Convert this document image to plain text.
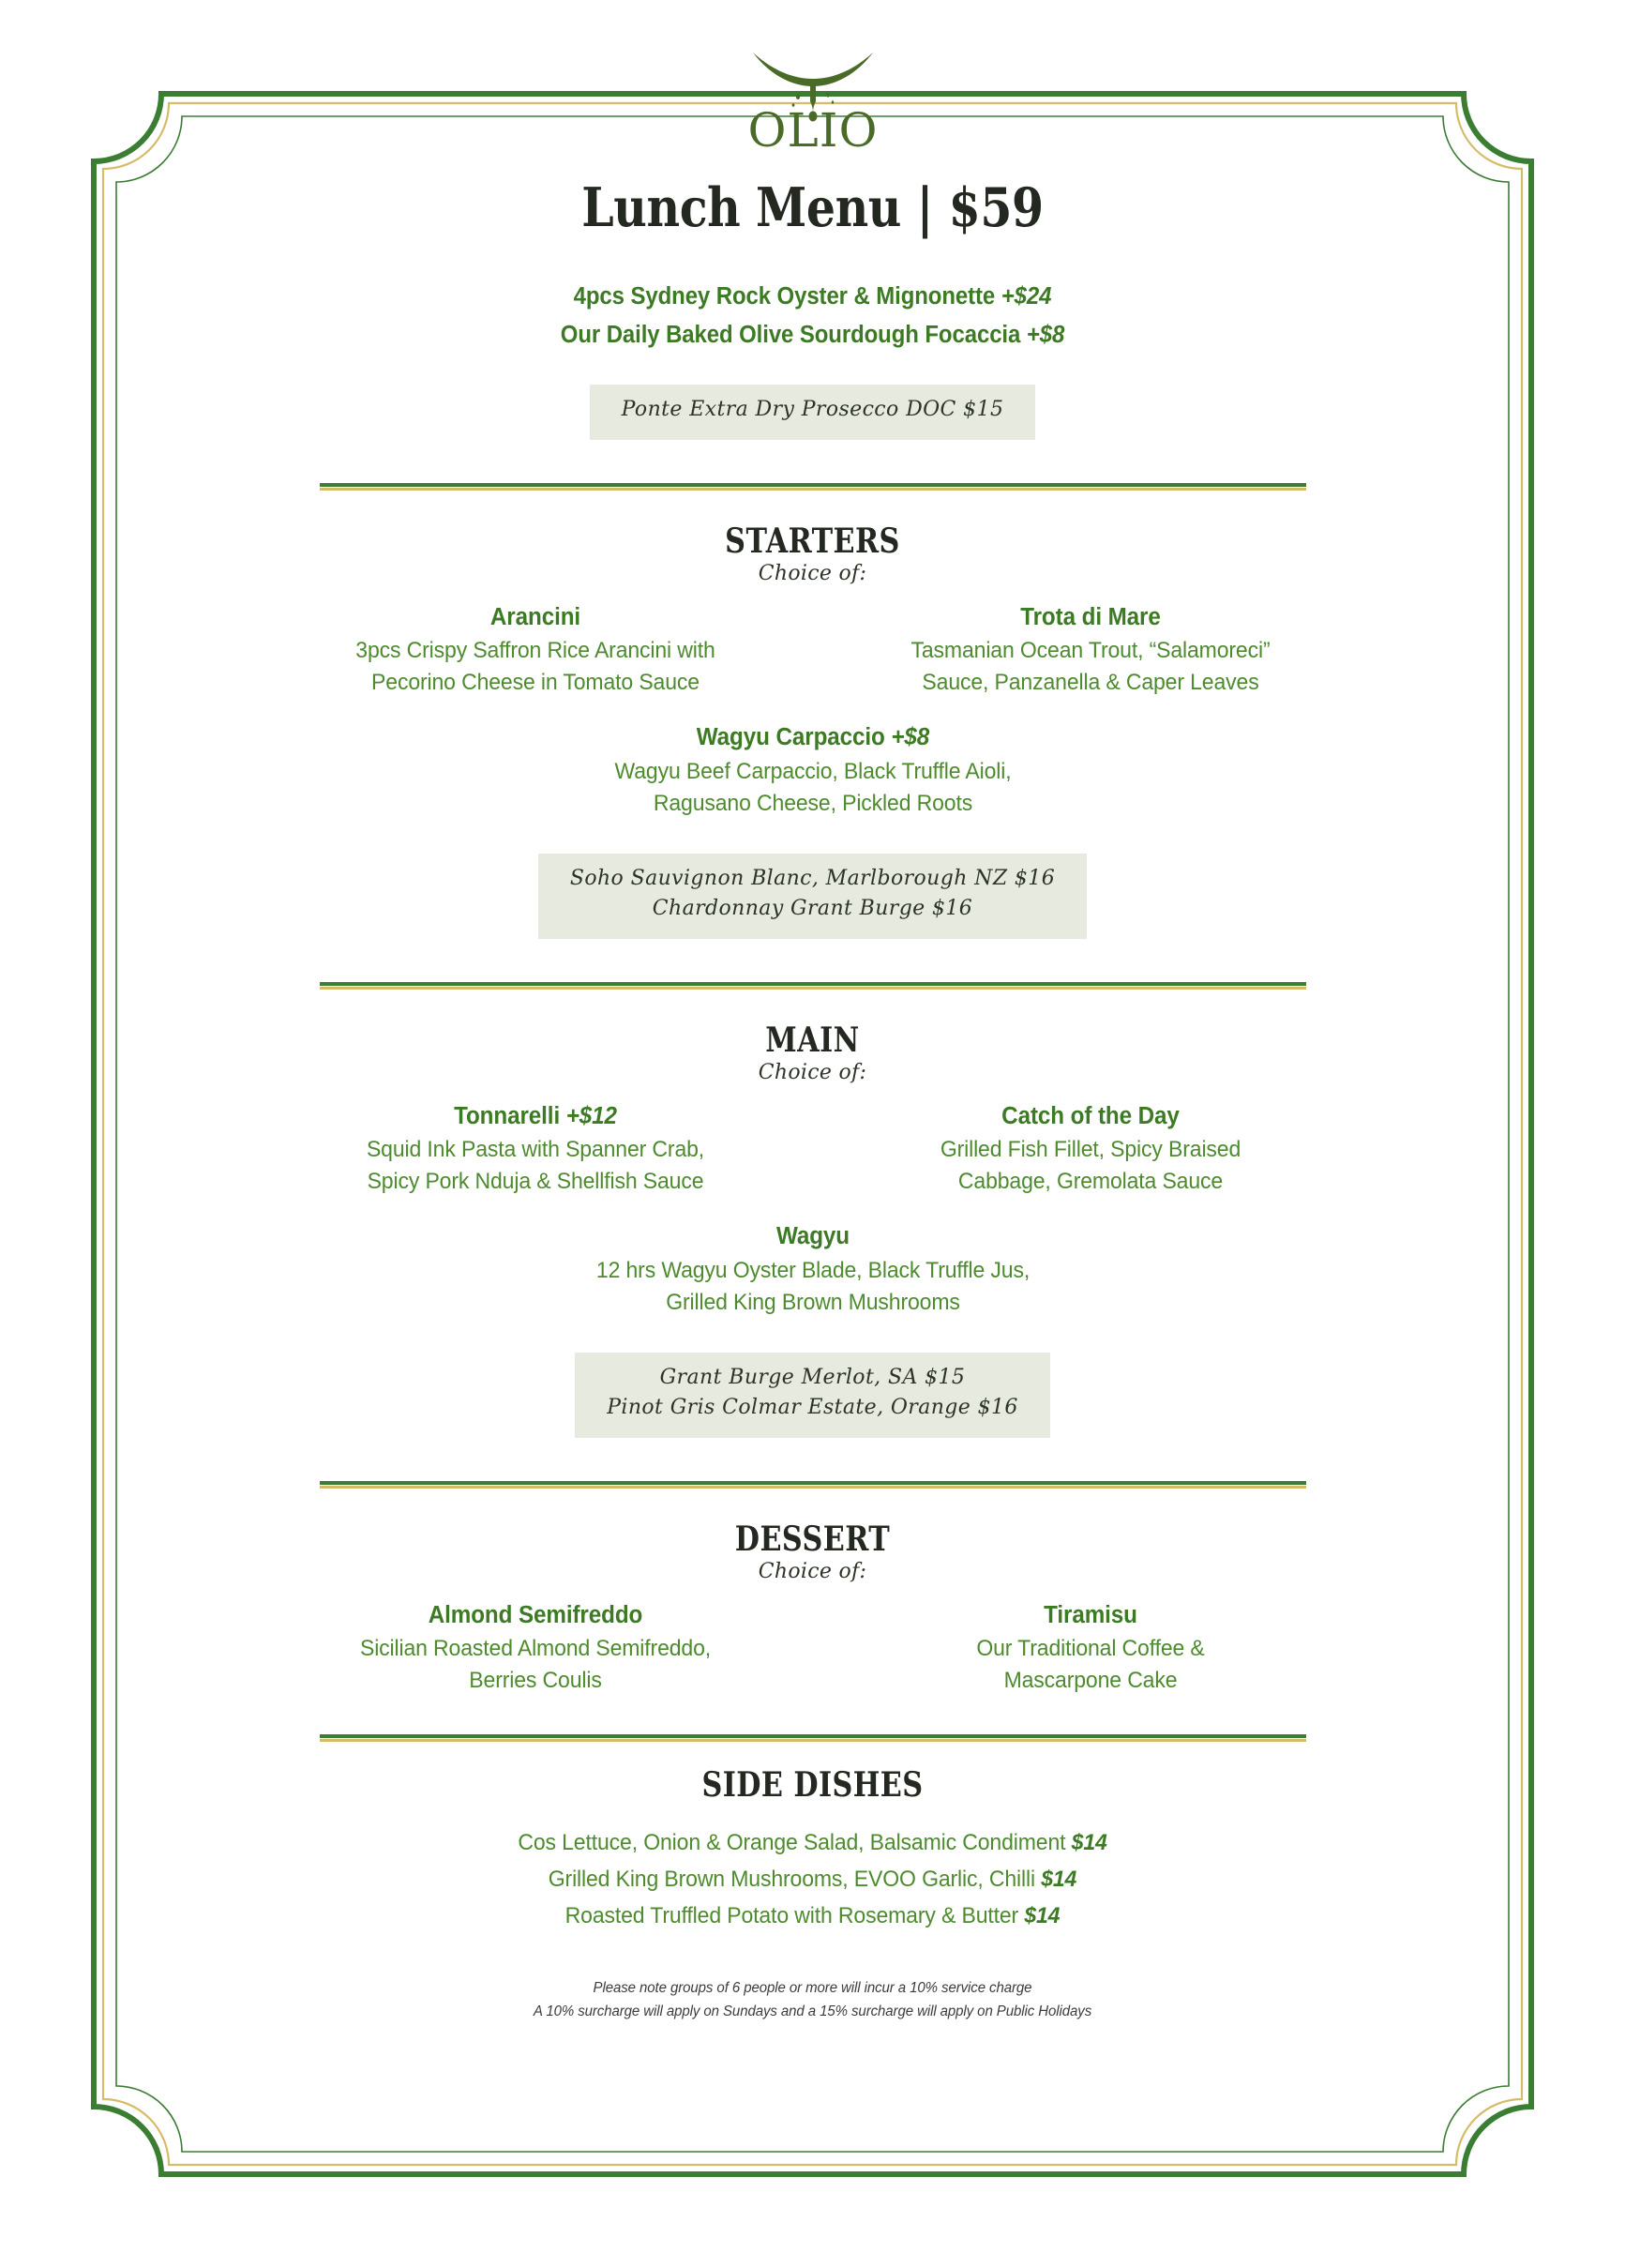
OLIO
Lunch Menu | $59
4pcs Sydney Rock Oyster & Mignonette +$24
Our Daily Baked Olive Sourdough Focaccia +$8
Ponte Extra Dry Prosecco DOC $15
STARTERS
Choice of:
Arancini
3pcs Crispy Saffron Rice Arancini with
Pecorino Cheese in Tomato Sauce
Trota di Mare
Tasmanian Ocean Trout, “Salamoreci”
Sauce, Panzanella & Caper Leaves
Wagyu Carpaccio +$8
Wagyu Beef Carpaccio, Black Truffle Aioli,
Ragusano Cheese, Pickled Roots
Soho Sauvignon Blanc, Marlborough NZ $16
Chardonnay Grant Burge $16
MAIN
Choice of:
Tonnarelli +$12
Squid Ink Pasta with Spanner Crab,
Spicy Pork Nduja & Shellfish Sauce
Catch of the Day
Grilled Fish Fillet, Spicy Braised
Cabbage, Gremolata Sauce
Wagyu
12 hrs Wagyu Oyster Blade, Black Truffle Jus,
Grilled King Brown Mushrooms
Grant Burge Merlot, SA $15
Pinot Gris Colmar Estate, Orange $16
DESSERT
Choice of:
Almond Semifreddo
Sicilian Roasted Almond Semifreddo,
Berries Coulis
Tiramisu
Our Traditional Coffee &
Mascarpone Cake
SIDE DISHES
Cos Lettuce, Onion & Orange Salad, Balsamic Condiment $14
Grilled King Brown Mushrooms, EVOO Garlic, Chilli $14
Roasted Truffled Potato with Rosemary & Butter $14
Please note groups of 6 people or more will incur a 10% service charge
A 10% surcharge will apply on Sundays and a 15% surcharge will apply on Public Holidays
